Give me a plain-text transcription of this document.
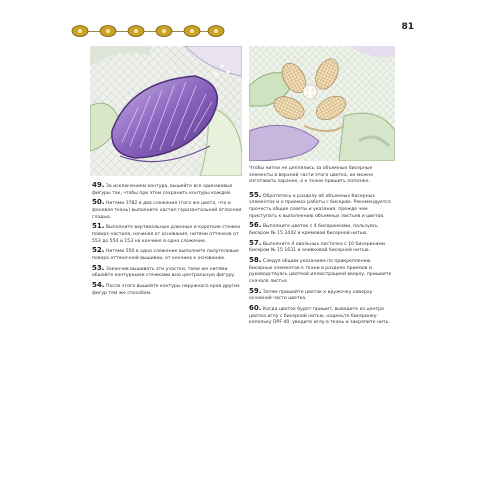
81

49. За исключением контура, вышейте все одинаковые фигуры так, чтобы при этом сохранить контуры каждой.

50. Нитями 3782 в два сложения (того же цвета, что и фоновая ткань) выполните настил горизонтальной атласной гладью.

51. Выполните вертикальные длинные и короткие стежки поверх настила, начиная от основания, нитями оттенков от 553 до 554 и 153 на кончике в одно сложение.

52. Нитями 550 в одно сложение выполните полутелевые поверх оттеночной вышивки, от кончика к основанию.

53. Закончив вышивать эти участки, теми же нитями обшейте контурными стежками всю центральную фигуру.

54. После этого вышейте контуры наружного края других фигур тем же способом.

Чтобы нитки не цеплялись за объемные бисерные элементы в верхней части этого цветка, их можно изготовить заранее, а к ткани пришить попозже.

55. Обратитесь к разделу об объемных бисерных элементах и о приемах работы с бисером. Рекомендуется прочесть общие советы и указания, прежде чем приступать к выполнению объемных листьев и цветов.

56. Выполните цветок с 4 бисеринками, пользуясь бисером № 15 2442 и кремовой бисерной нитью.

57. Выполните 4 овальных листочка с 10 бисеринами бисером № 15 1631 и оливковой бисерной нитью.

58. Следуя общим указаниям по прикреплению бисерных элементов к ткани в разделе приемов и руководствуясь цветкой иллюстрацией вверху, пришейте сначала листья.

59. Затем пришейте цветок к кружочку наверху основной части цветка.

60. Когда цветок будет пришит, выведите из центра цветка иглу с бисерной нитью, наденьте бисеринку-капельку DPF 40, уведите иглу в ткань и закрепите нить.
